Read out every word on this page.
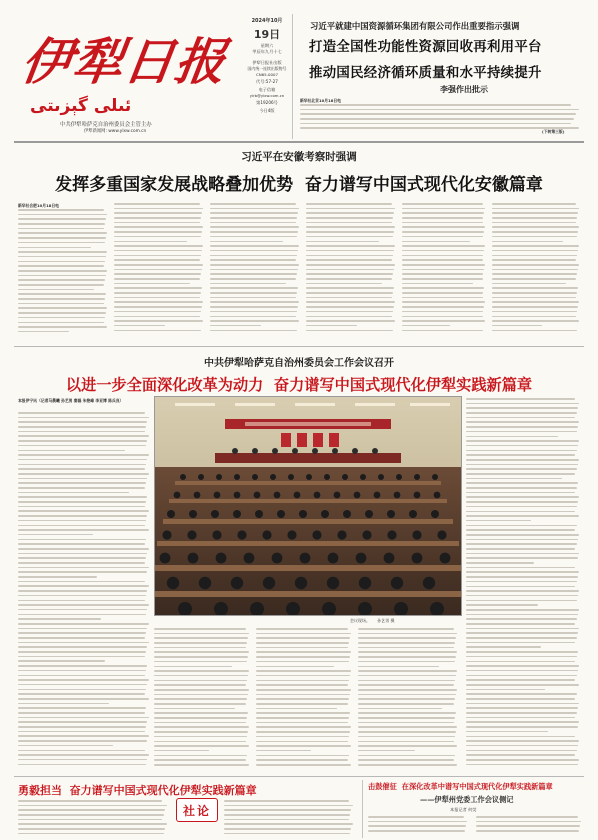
伊犁日报
ئىلى گېزىتى
中共伊犁哈萨克自治州委员会主管主办
伊犁新闻网: www.ylxw.com.cn
2024年10月
19日
星期六
甲辰年九月十七
伊犁日报社出版
国内统一连续出版物号 CN65-0007
代号:57-27
电子信箱
ylrb@ylxw.com.cn
第19206号
今日4版
习近平就建中国资源循环集团有限公司作出重要指示强调
打造全国性功能性资源回收再利用平台
推动国民经济循环质量和水平持续提升
李强作出批示
新华社北京10月18日电
(下转第三版)
习近平在安徽考察时强调
发挥多重国家发展战略叠加优势  奋力谱写中国式现代化安徽篇章
新华社合肥10月18日电
中共伊犁哈萨克自治州委员会工作会议召开
以进一步全面深化改革为动力  奋力谱写中国式现代化伊犁实践新篇章
本报伊宁讯（记者马晨曦 孙艺男 秦磊 朱艳峰 李亚博 陈兵良）
会议现场。 孙艺男 摄
勇毅担当  奋力谱写中国式现代化伊犁实践新篇章
社论
击鼓催征  在深化改革中谱写中国式现代化伊犁实践新篇章
——伊犁州党委工作会议侧记
本报记者 何荧
